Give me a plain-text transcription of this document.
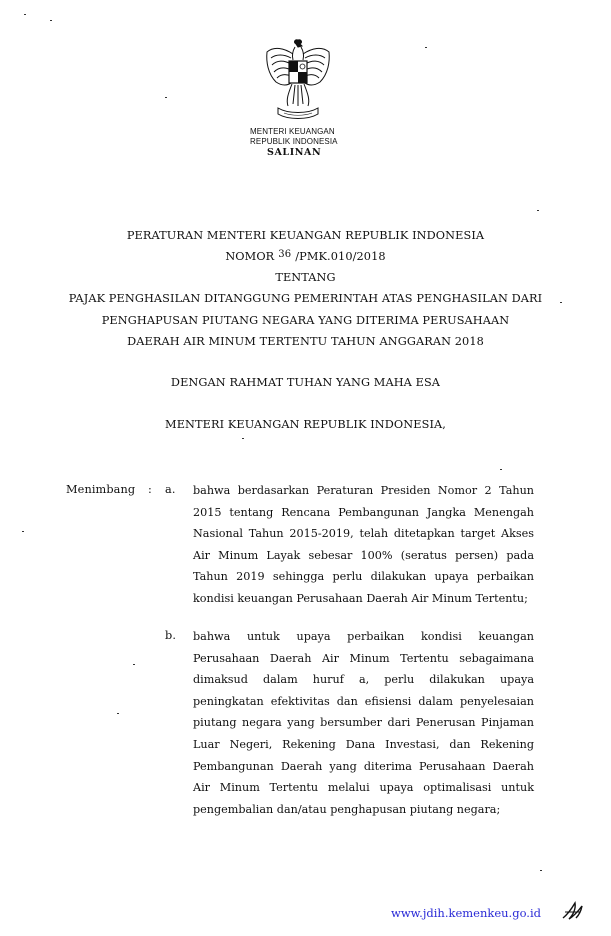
MENTERI KEUANGAN
REPUBLIK INDONESIA
SALINAN
PERATURAN MENTERI KEUANGAN REPUBLIK INDONESIA
NOMOR 36 /PMK.010/2018
TENTANG
PAJAK PENGHASILAN DITANGGUNG PEMERINTAH ATAS PENGHASILAN DARI
PENGHAPUSAN PIUTANG NEGARA YANG DITERIMA PERUSAHAAN
DAERAH AIR MINUM TERTENTU TAHUN ANGGARAN 2018
DENGAN RAHMAT TUHAN YANG MAHA ESA
MENTERI KEUANGAN REPUBLIK INDONESIA,
Menimbang : a. bahwa berdasarkan Peraturan Presiden Nomor 2 Tahun 2015 tentang Rencana Pembangunan Jangka Menengah Nasional Tahun 2015-2019, telah ditetapkan target Akses Air Minum Layak sebesar 100% (seratus persen) pada Tahun 2019 sehingga perlu dilakukan upaya perbaikan kondisi keuangan Perusahaan Daerah Air Minum Tertentu;
b. bahwa untuk upaya perbaikan kondisi keuangan Perusahaan Daerah Air Minum Tertentu sebagaimana dimaksud dalam huruf a, perlu dilakukan upaya peningkatan efektivitas dan efisiensi dalam penyelesaian piutang negara yang bersumber dari Penerusan Pinjaman Luar Negeri, Rekening Dana Investasi, dan Rekening Pembangunan Daerah yang diterima Perusahaan Daerah Air Minum Tertentu melalui upaya optimalisasi untuk pengembalian dan/atau penghapusan piutang negara;
www.jdih.kemenkeu.go.id
